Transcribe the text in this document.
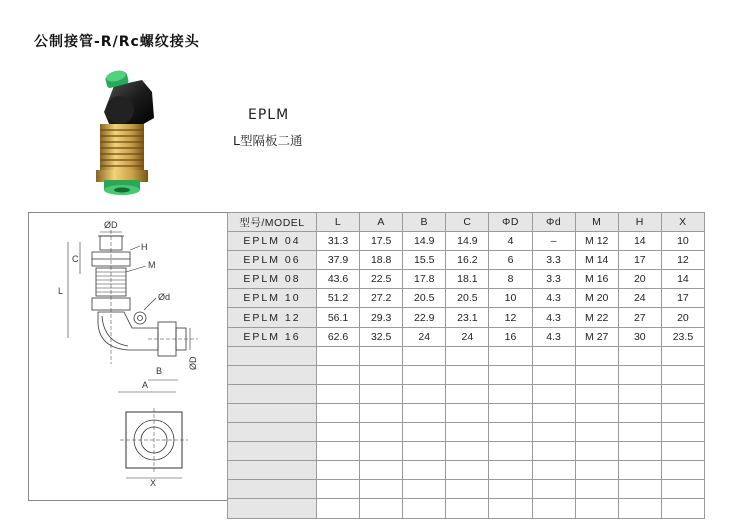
公制接管-R/Rc螺纹接头
EPLM
L型隔板二通
ØD
H
C
M
L
Ød
B
ØD
A
X
型号/MODEL	L	A	B	C	ΦD	Φd	M	H	X
EPLM 04	31.3	17.5	14.9	14.9	4	–	M 12	14	10
EPLM 06	37.9	18.8	15.5	16.2	6	3.3	M 14	17	12
EPLM 08	43.6	22.5	17.8	18.1	8	3.3	M 16	20	14
EPLM 10	51.2	27.2	20.5	20.5	10	4.3	M 20	24	17
EPLM 12	56.1	29.3	22.9	23.1	12	4.3	M 22	27	20
EPLM 16	62.6	32.5	24	24	16	4.3	M 27	30	23.5
